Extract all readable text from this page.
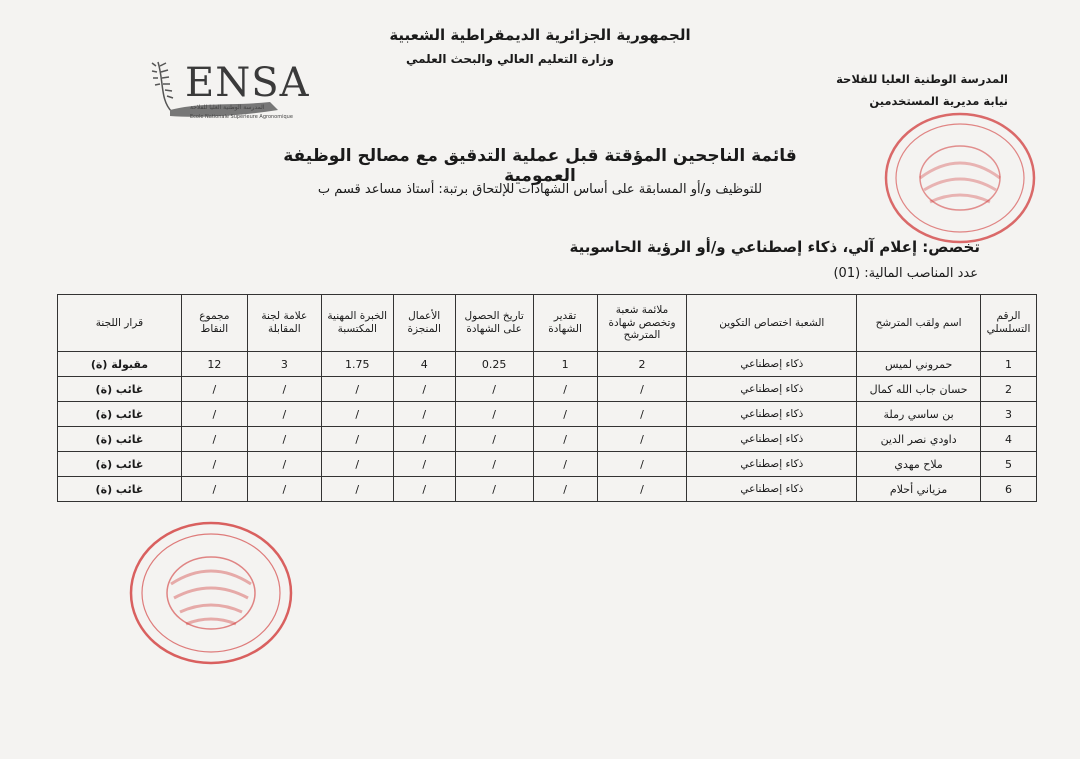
الجمهورية الجزائرية الديمقراطية الشعبية
وزارة التعليم العالي والبحث العلمي
المدرسة الوطنية العليا للفلاحة
نيابة مديرية المستخدمين
ENSA
المدرسة الوطنية العليا للفلاحة
Ecole Nationale Supérieure Agronomique
قائمة الناجحين المؤقتة قبل عملية التدقيق مع مصالح الوظيفة العمومية
للتوظيف و/أو المسابقة على أساس الشهادات للإلتحاق برتبة: أستاذ مساعد قسم ب
تخصص: إعلام آلي، ذكاء إصطناعي و/أو الرؤية الحاسوبية
عدد المناصب المالية: (01)
الرقم التسلسلي	اسم ولقب المترشح	الشعبة اختصاص التكوين	ملائمة شعبة وتخصص شهادة المترشح	تقدير الشهادة	تاريخ الحصول على الشهادة	الأعمال المنجزة	الخبرة المهنية المكتسبة	علامة لجنة المقابلة	مجموع النقاط	قرار اللجنة
1	حمروني لميس	ذكاء إصطناعي	2	1	0.25	4	1.75	3	12	مقبولة (ة)
2	حسان جاب الله كمال	ذكاء إصطناعي	/	/	/	/	/	/	/	غائب (ة)
3	بن ساسي رملة	ذكاء إصطناعي	/	/	/	/	/	/	/	غائب (ة)
4	داودي نصر الدين	ذكاء إصطناعي	/	/	/	/	/	/	/	غائب (ة)
5	ملاح مهدي	ذكاء إصطناعي	/	/	/	/	/	/	/	غائب (ة)
6	مزياني أحلام	ذكاء إصطناعي	/	/	/	/	/	/	/	غائب (ة)
